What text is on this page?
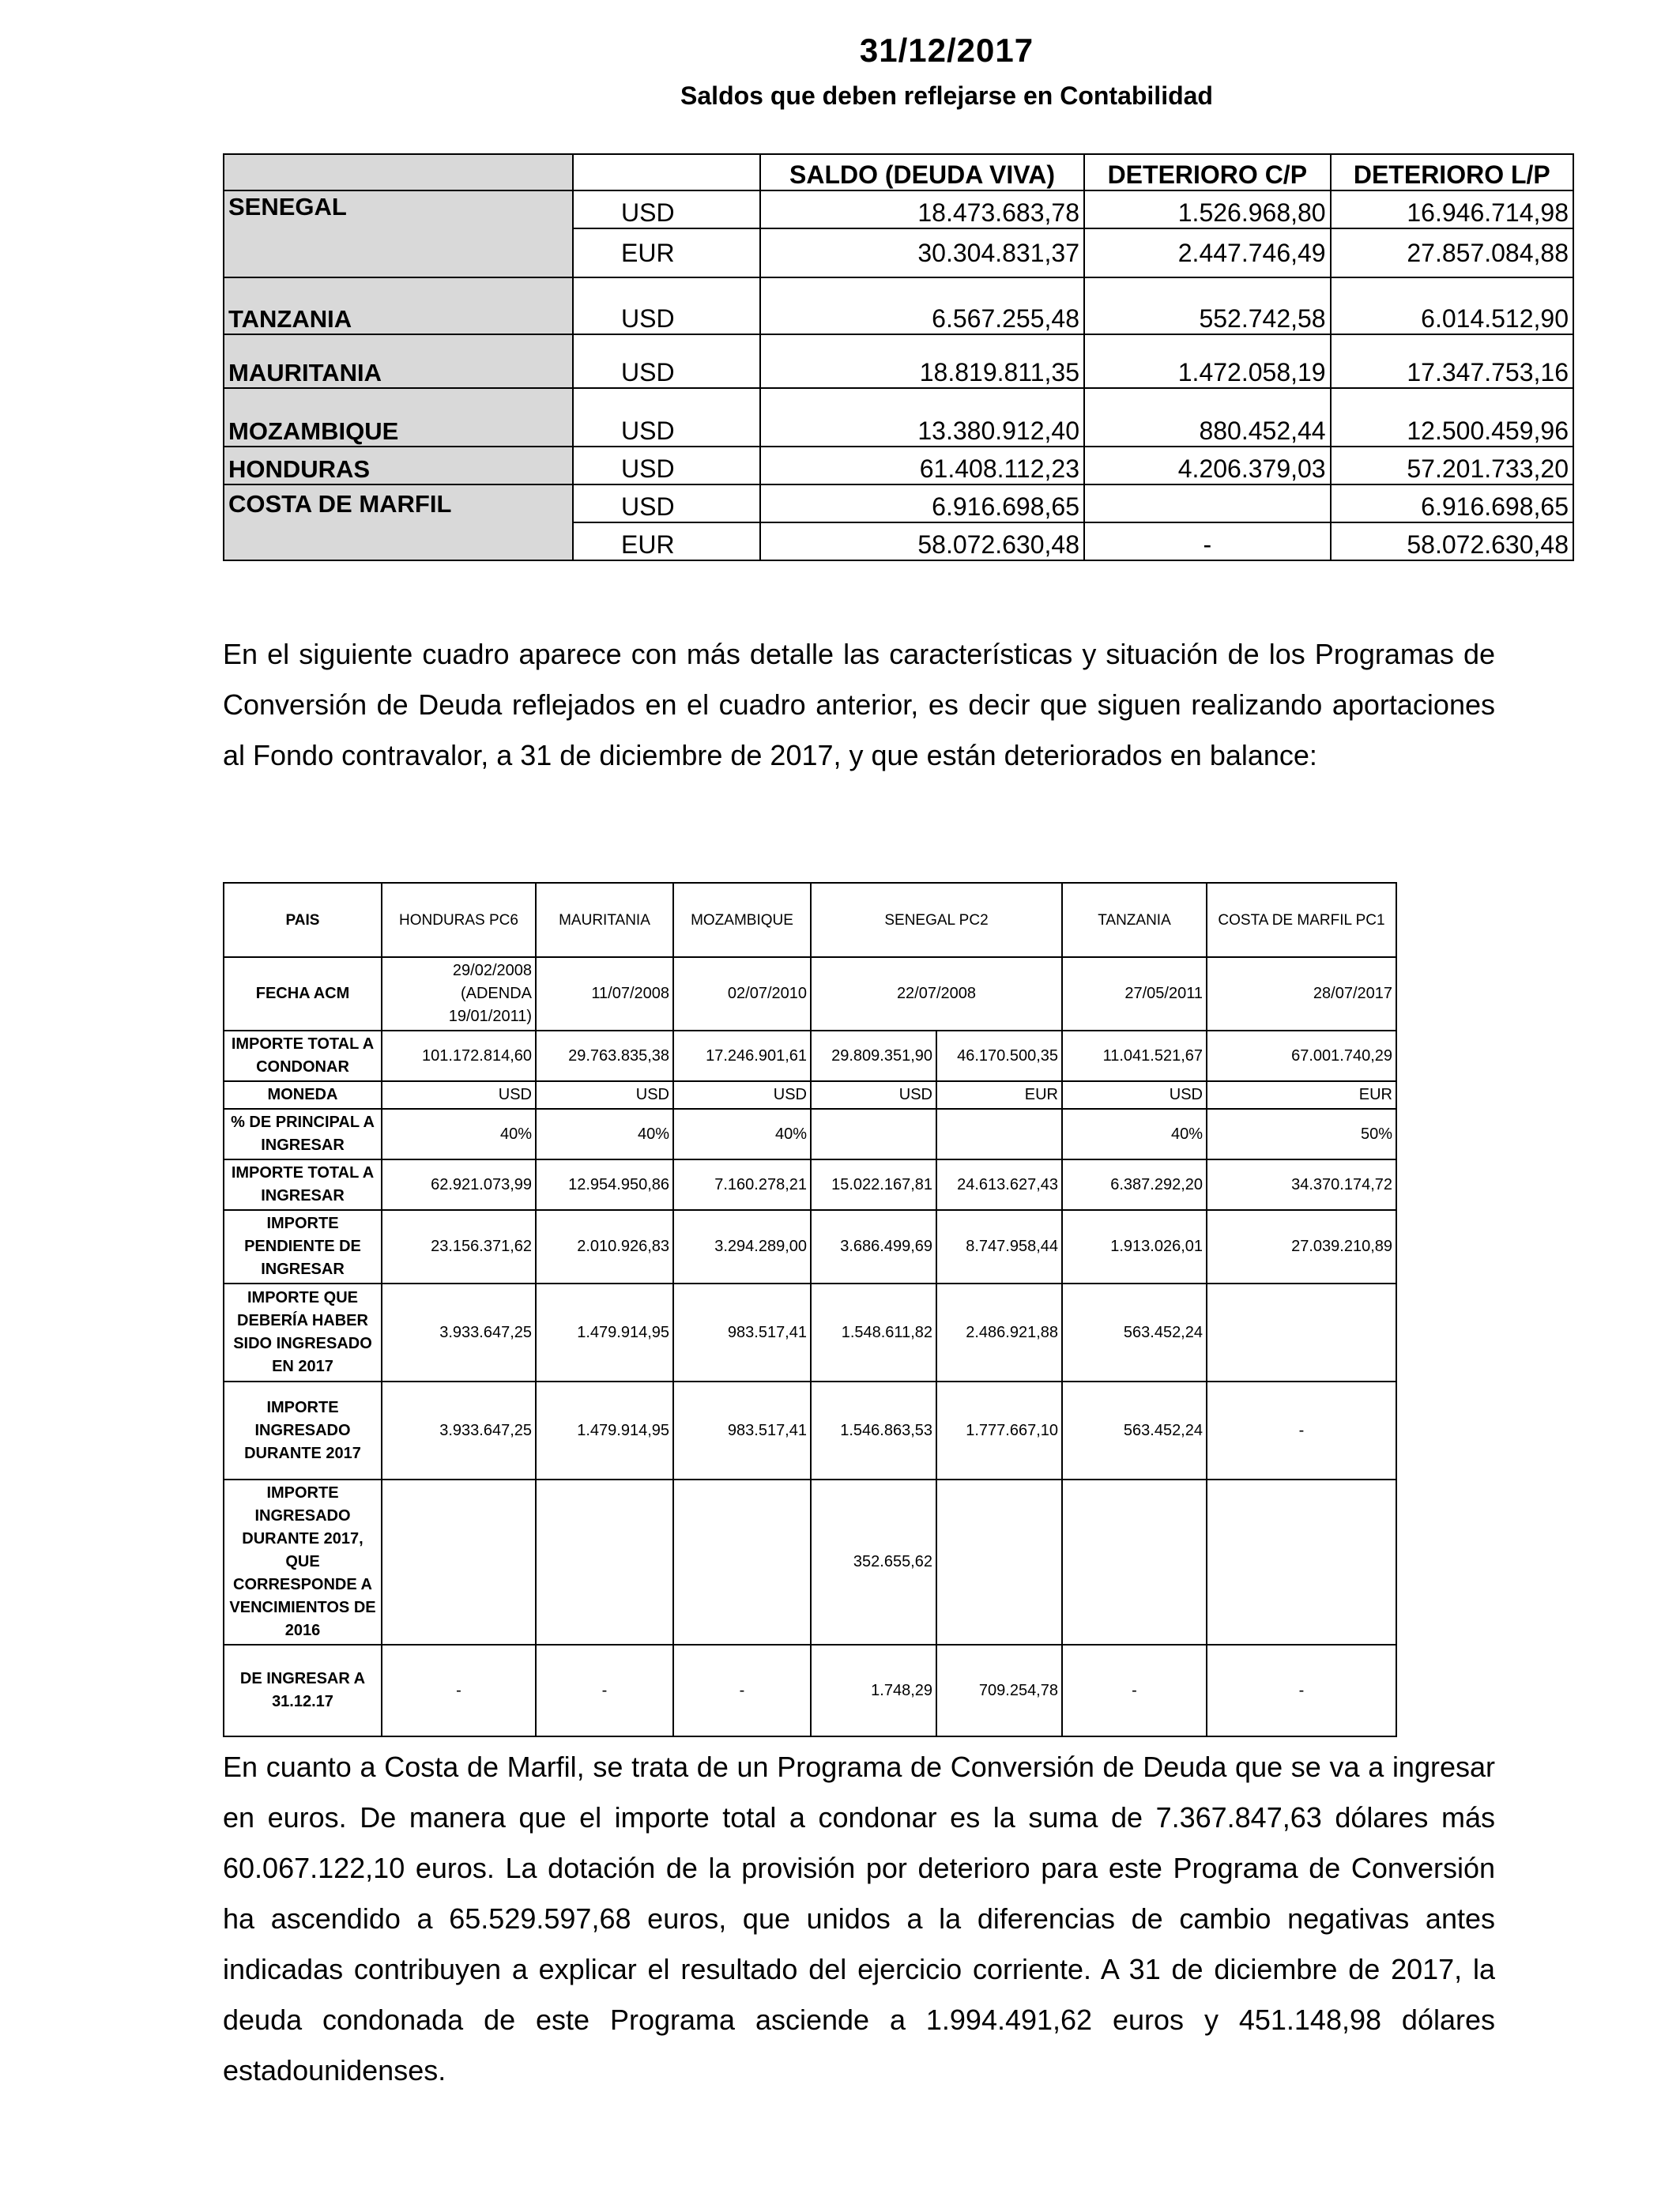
31/12/2017
Saldos que deben reflejarse en Contabilidad
		SALDO (DEUDA VIVA)	DETERIORO C/P	DETERIORO L/P
SENEGAL	USD	18.473.683,78	1.526.968,80	16.946.714,98
	EUR	30.304.831,37	2.447.746,49	27.857.084,88
TANZANIA	USD	6.567.255,48	552.742,58	6.014.512,90
MAURITANIA	USD	18.819.811,35	1.472.058,19	17.347.753,16
MOZAMBIQUE	USD	13.380.912,40	880.452,44	12.500.459,96
HONDURAS	USD	61.408.112,23	4.206.379,03	57.201.733,20
COSTA DE MARFIL	USD	6.916.698,65		6.916.698,65
	EUR	58.072.630,48	-	58.072.630,48

En el siguiente cuadro aparece con más detalle las características y situación de los Programas de Conversión de Deuda reflejados en el cuadro anterior, es decir que siguen realizando aportaciones al Fondo contravalor, a 31 de diciembre de 2017, y que están deteriorados en balance:

PAIS	HONDURAS PC6	MAURITANIA	MOZAMBIQUE	SENEGAL PC2		TANZANIA	COSTA DE MARFIL PC1
FECHA ACM	29/02/2008 (ADENDA 19/01/2011)	11/07/2008	02/07/2010	22/07/2008		27/05/2011	28/07/2017
IMPORTE TOTAL A CONDONAR	101.172.814,60	29.763.835,38	17.246.901,61	29.809.351,90	46.170.500,35	11.041.521,67	67.001.740,29
MONEDA	USD	USD	USD	USD	EUR	USD	EUR
% DE PRINCIPAL A INGRESAR	40%	40%	40%			40%	50%
IMPORTE TOTAL A INGRESAR	62.921.073,99	12.954.950,86	7.160.278,21	15.022.167,81	24.613.627,43	6.387.292,20	34.370.174,72
IMPORTE PENDIENTE DE INGRESAR	23.156.371,62	2.010.926,83	3.294.289,00	3.686.499,69	8.747.958,44	1.913.026,01	27.039.210,89
IMPORTE QUE DEBERÍA HABER SIDO INGRESADO EN 2017	3.933.647,25	1.479.914,95	983.517,41	1.548.611,82	2.486.921,88	563.452,24	
IMPORTE INGRESADO DURANTE 2017	3.933.647,25	1.479.914,95	983.517,41	1.546.863,53	1.777.667,10	563.452,24	-
IMPORTE INGRESADO DURANTE 2017, QUE CORRESPONDE A VENCIMIENTOS DE 2016				352.655,62			
DE INGRESAR A 31.12.17	-	-	-	1.748,29	709.254,78	-	-

En cuanto a Costa de Marfil, se trata de un Programa de Conversión de Deuda que se va a ingresar en euros. De manera que el importe total a condonar es la suma de 7.367.847,63 dólares más 60.067.122,10 euros. La dotación de la provisión por deterioro para este Programa de Conversión ha ascendido a 65.529.597,68 euros, que unidos a la diferencias de cambio negativas antes indicadas contribuyen a explicar el resultado del ejercicio corriente. A 31 de diciembre de 2017, la deuda condonada de este Programa asciende a 1.994.491,62 euros y 451.148,98 dólares estadounidenses.
